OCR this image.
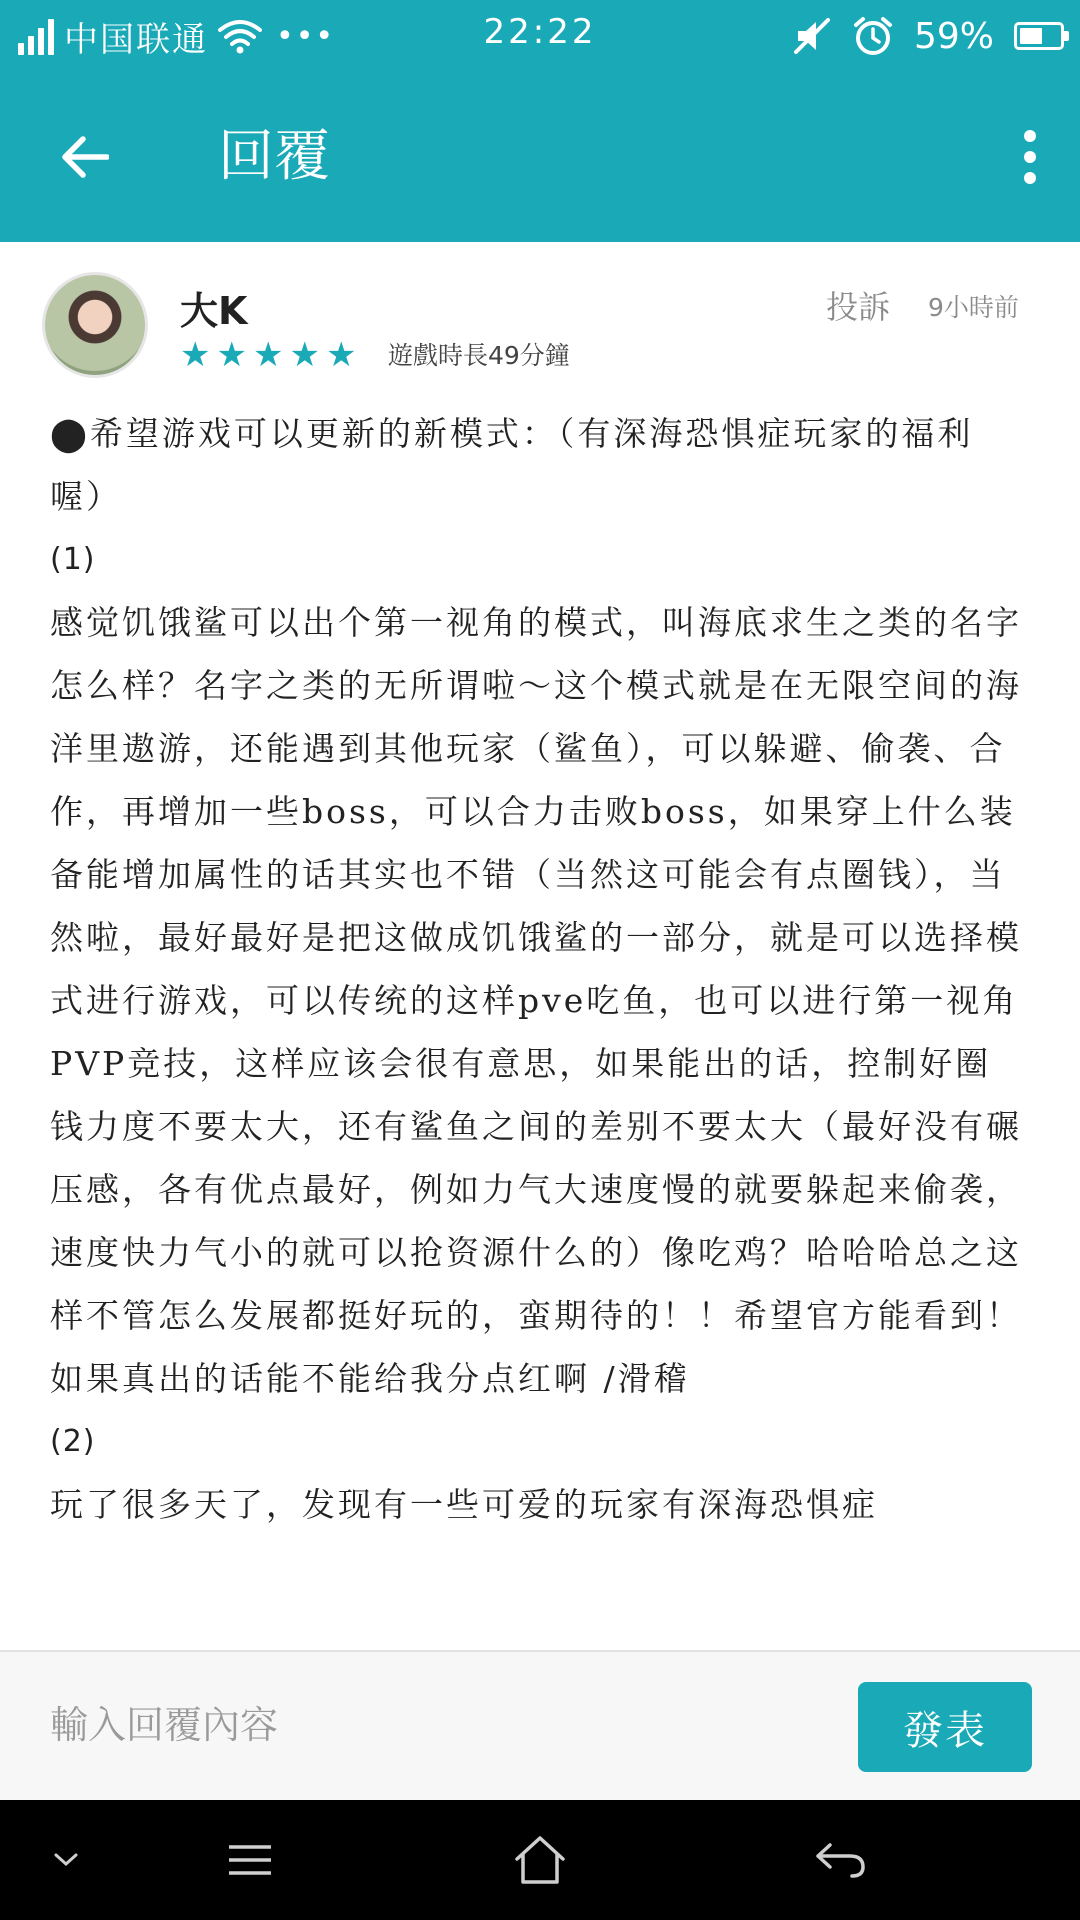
中国联通 •••	22:22	59%
回覆
大K
★ ★ ★ ★ ★ 遊戲時長49分鐘
投訴 9小時前

⬤希望游戏可以更新的新模式：（有深海恐惧症玩家的福利喔）

(1)

感觉饥饿鲨可以出个第一视角的模式，叫海底求生之类的名字怎么样？名字之类的无所谓啦～这个模式就是在无限空间的海洋里遨游，还能遇到其他玩家（鲨鱼），可以躲避、偷袭、合作，再增加一些boss，可以合力击败boss，如果穿上什么装备能增加属性的话其实也不错（当然这可能会有点圈钱），当然啦，最好最好是把这做成饥饿鲨的一部分，就是可以选择模式进行游戏，可以传统的这样pve吃鱼，也可以进行第一视角PVP竞技，这样应该会很有意思，如果能出的话，控制好圈钱力度不要太大，还有鲨鱼之间的差别不要太大（最好没有碾压感，各有优点最好，例如力气大速度慢的就要躲起来偷袭，速度快力气小的就可以抢资源什么的）像吃鸡？哈哈哈总之这样不管怎么发展都挺好玩的，蛮期待的！！希望官方能看到！如果真出的话能不能给我分点红啊 /滑稽

(2)

玩了很多天了，发现有一些可爱的玩家有深海恐惧症

輸入回覆內容
發表
